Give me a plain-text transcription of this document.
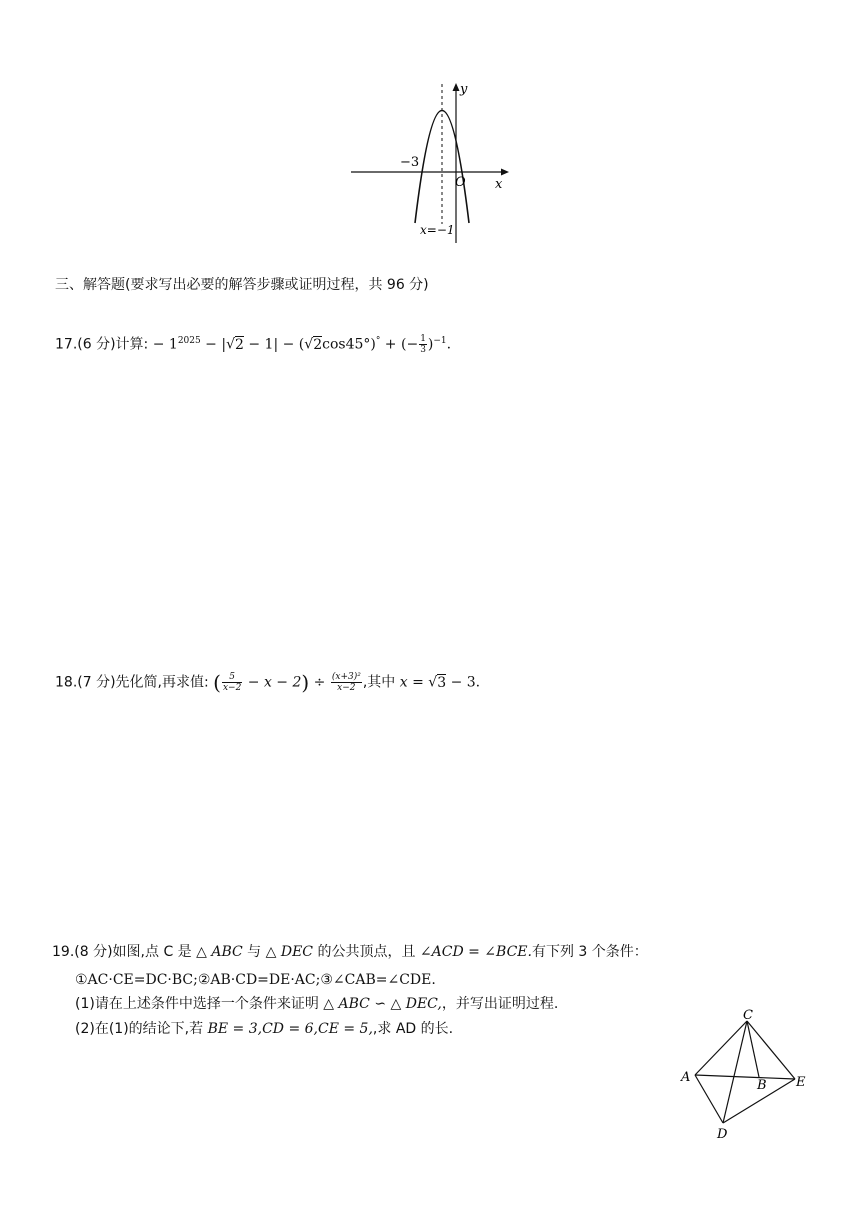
y
x
O
−3
x=−1
三、解答题(要求写出必要的解答步骤或证明过程，共 96 分)
17.(6 分)计算: − $1^{2025} - |√2 - 1| - (√2\cos 45^\circ)^\circ$ + (− $\frac{1}{3} )^{-1}$.
18.(7 分)先化简,再求值: ( $\frac{5}{x-2} - x - 2) \div \frac{\text{(x+3)²}}{x-2}$ ,其中 x = √3 − 3.
19.(8 分)如图,点 C 是 △ ABC 与 △ DEC 的公共顶点，且 ∠ACD = ∠BCE.有下列 3 个条件：
①AC·CE=DC·BC;②AB·CD=DE·AC;③∠CAB=∠CDE.
(1)请在上述条件中选择一个条件来证明 △ ABC ∽ △ DEC,，并写出证明过程.
(2)在(1)的结论下,若 BE = 3,CD = 6,CE = 5,,求 AD 的长.
C
A
B E
D
